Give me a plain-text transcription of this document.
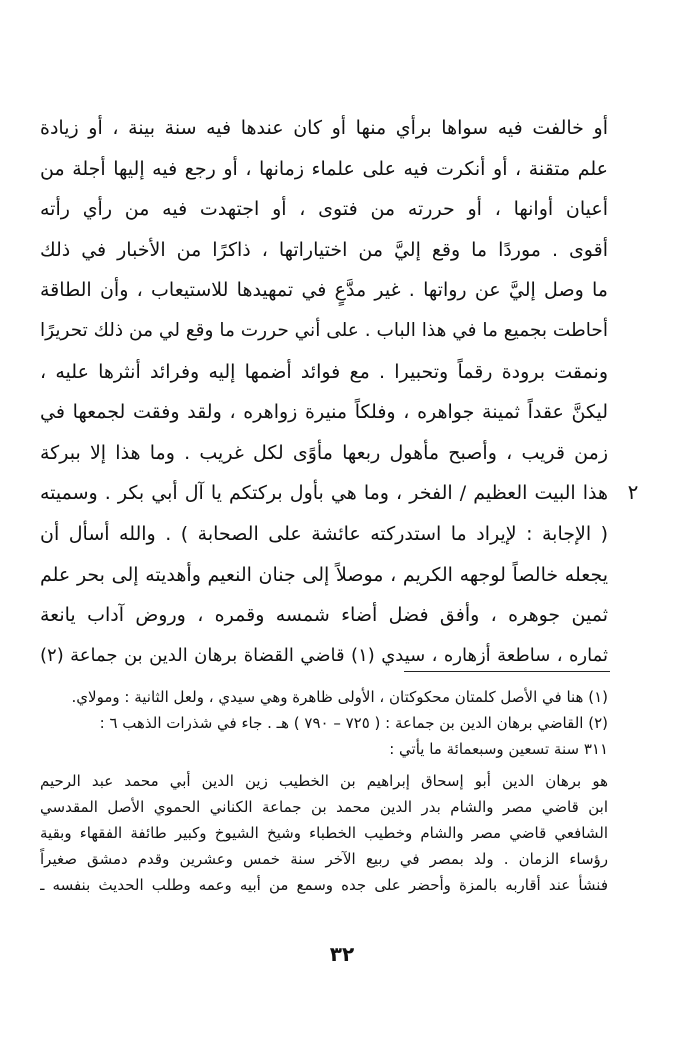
أو خالفت فيه سواها برأي منها أو كان عندها فيه سنة بينة ، أو زيادة
علم متقنة ، أو أنكرت فيه على علماء زمانها ، أو رجع فيه إليها أجلة من
أعيان أوانها ، أو حررته من فتوى ، أو اجتهدت فيه من رأي رأته
أقوى . موردًا ما وقع إليَّ من اختياراتها ، ذاكرًا من الأخبار في ذلك
ما وصل إليَّ عن رواتها . غير مدَّعٍ في تمهيدها للاستيعاب ، وأن الطاقة
أحاطت بجميع ما في هذا الباب . على أني حررت ما وقع لي من ذلك تحريرًا
ونمقت برودة رقماً وتحبيرا . مع فوائد أضمها إليه وفرائد أنثرها عليه ،
ليكنَّ عقداً ثمينة جواهره ، وفلكاً منيرة زواهره ، ولقد وفقت لجمعها في
زمن قريب ، وأصبح مأهول ربعها مأوًى لكل غريب . وما هذا إلا ببركة
هذا البيت العظيم / الفخر ، وما هي بأول بركتكم يا آل أبي بكر . وسميته
( الإجابة : لإيراد ما استدركته عائشة على الصحابة ) . والله أسأل أن
يجعله خالصاً لوجهه الكريم ، موصلاً إلى جنان النعيم وأهديته إلى بحر علم
ثمين جوهره ، وأفق فضل أضاء شمسه وقمره ، وروض آداب يانعة
ثماره ، ساطعة أزهاره ، سيدي (١) قاضي القضاة برهان الدين بن جماعة (٢)
٢
(١) هنا في الأصل كلمتان محكوكتان ، الأولى ظاهرة وهي سيدي ، ولعل الثانية : ومولاي.
(٢) القاضي برهان الدين بن جماعة : ( ٧٢٥ – ٧٩٠ ) هـ . جاء في شذرات الذهب ٦ :
٣١١ سنة تسعين وسبعمائة ما يأتي :
هو برهان الدين أبو إسحاق إبراهيم بن الخطيب زين الدين أبي محمد عبد الرحيم
ابن قاضي مصر والشام بدر الدين محمد بن جماعة الكناني الحموي الأصل المقدسي
الشافعي قاضي مصر والشام وخطيب الخطباء وشيخ الشيوخ وكبير طائفة الفقهاء وبقية
رؤساء الزمان . ولد بمصر في ربيع الآخر سنة خمس وعشرين وقدم دمشق صغيراً
فنشأ عند أقاربه بالمزة وأحضر على جده وسمع من أبيه وعمه وطلب الحديث بنفسه ـ
٣٢
